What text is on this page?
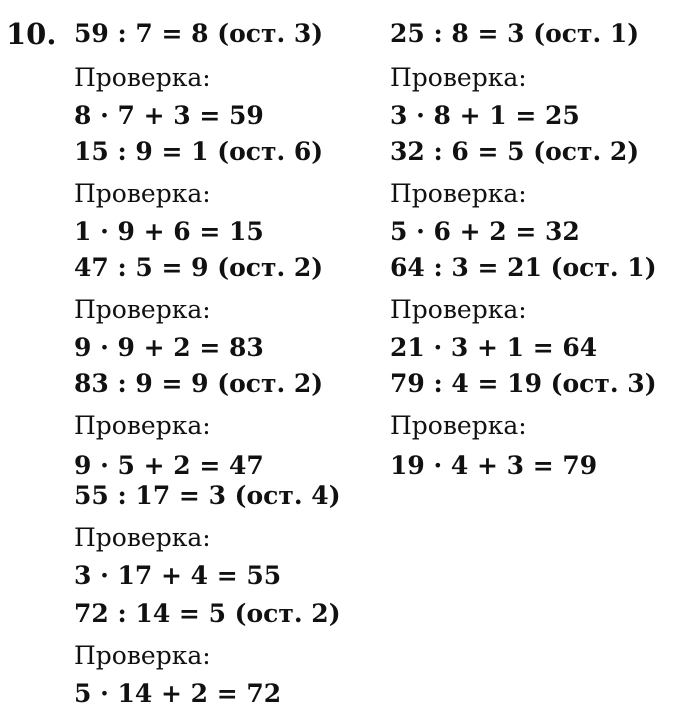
10. 59 : 7 = 8 (ост. 3)
Проверка:
8 · 7 + 3 = 59
15 : 9 = 1 (ост. 6)
Проверка:
1 · 9 + 6 = 15
47 : 5 = 9 (ост. 2)
Проверка:
9 · 9 + 2 = 83
83 : 9 = 9 (ост. 2)
Проверка:
9 · 5 + 2 = 47
55 : 17 = 3 (ост. 4)
Проверка:
3 · 17 + 4 = 55
72 : 14 = 5 (ост. 2)
Проверка:
5 · 14 + 2 = 72
25 : 8 = 3 (ост. 1)
Проверка:
3 · 8 + 1 = 25
32 : 6 = 5 (ост. 2)
Проверка:
5 · 6 + 2 = 32
64 : 3 = 21 (ост. 1)
Проверка:
21 · 3 + 1 = 64
79 : 4 = 19 (ост. 3)
Проверка:
19 · 4 + 3 = 79
